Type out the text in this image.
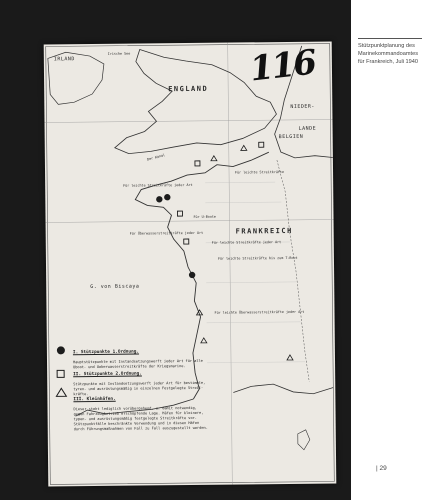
116
IRLAND
Irische See
ENGLAND
NIEDER-
LANDE
BELGIEN
Der Kanal
FRANKREICH
G. von Biscaya
Für leichte Streitkräfte
Für leichte Streitkräfte jeder Art
Für U-Boote
Für Überwasserstreitkräfte jeder Art
Für leichte Streitkräfte jeder Art
Für leichte Streitkräfte bis zum T-Boot
Für leichte Überwasserstreitkräfte jeder Art

I. Stützpunkte 1.Ordnung.

Hauptstützpunkte mit Instandsetzungswerft jeder Art für alle
Uboot- und Ueberwasserstreitkräfte der Kriegsmarine.

II. Stützpunkte 2.Ordnung.

Stützpunkte mit Instandsetzungswerft jeder Art für bestimmte,
tyren- und ausrüstungsmäßig in einzelnen Festgelegte Streit-
kräfte.

III. Kleinhäfen.

Dieser steht lediglich vorübergehend, u. damit notwendig,
gegen Fahrzeugbetrieb erschöpfende Lage. Häfen für kleinere,
typen- und ausrüstungsmäßig festgelegte Streitkräfte vor.
Stützpunktfälle beschränkte Verwendung und in diesen Häfen
durch Führungsmaßnahmen von Fall zu Fall auszugestellt werden.

Stützpunktplanung des
Marinekommandoamtes
für Frankreich, Juli 1940
| 29
